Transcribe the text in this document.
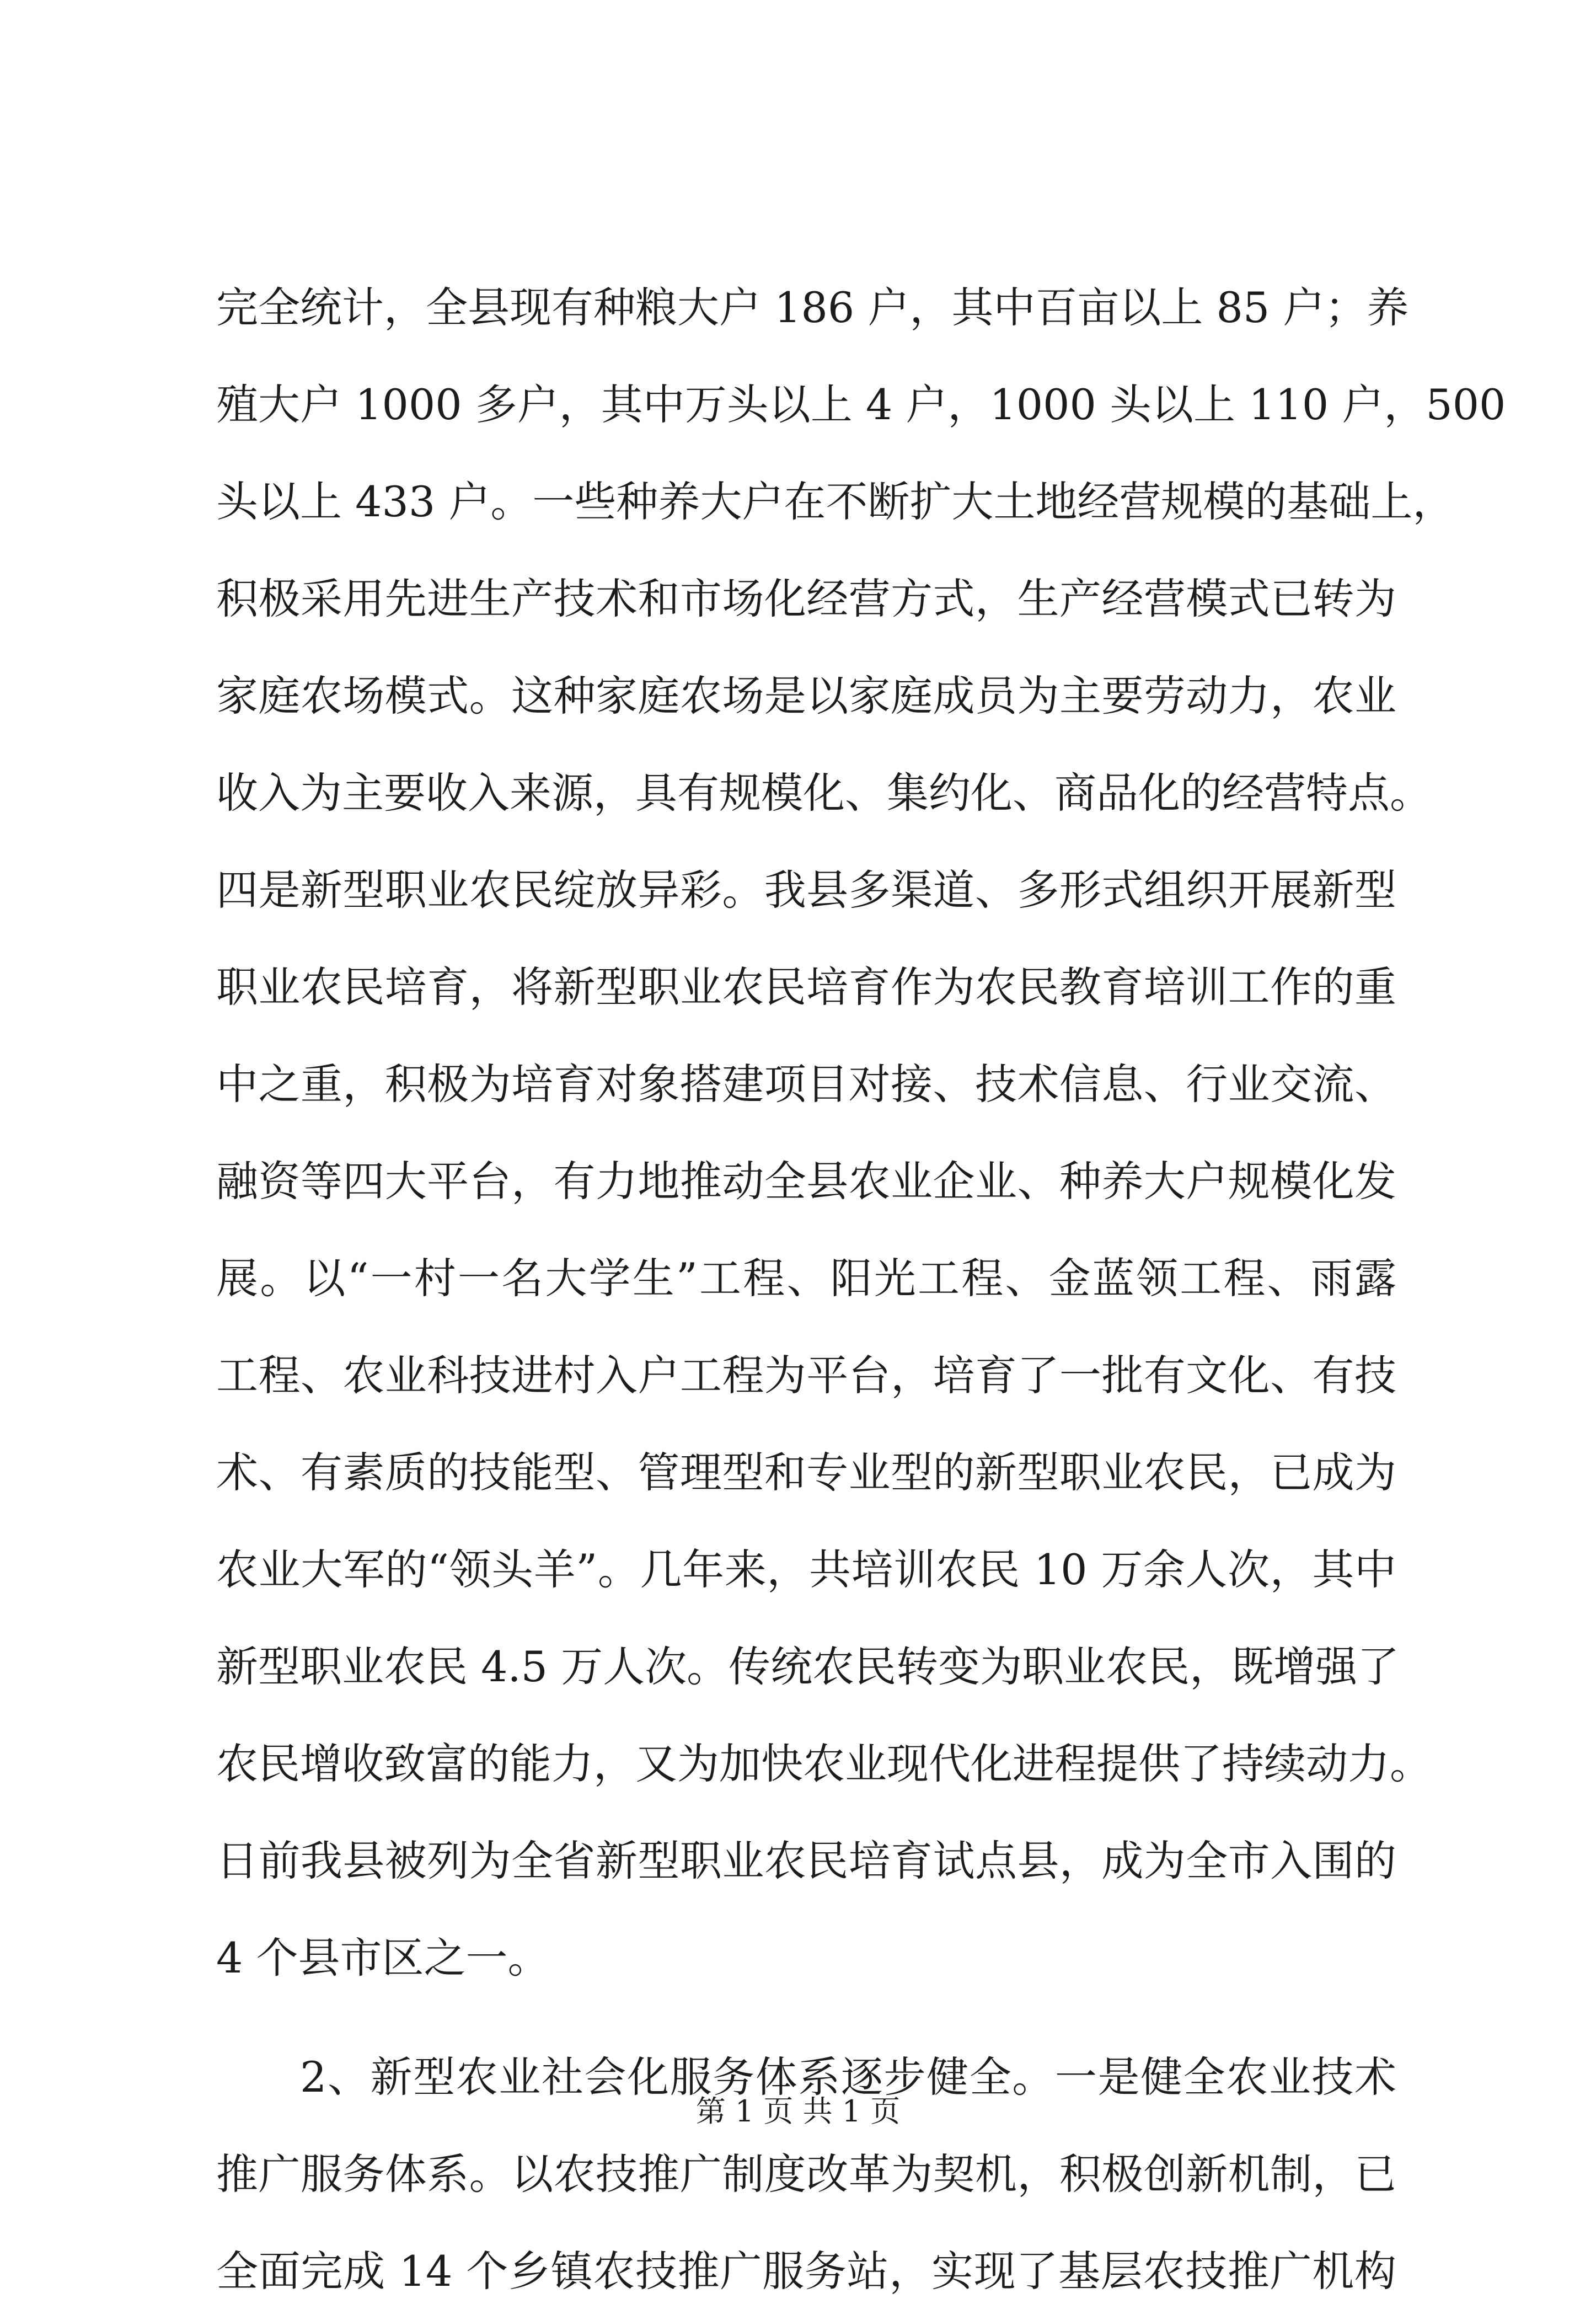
完全统计，全县现有种粮大户 186 户，其中百亩以上 85 户；养
殖大户 1000 多户，其中万头以上 4 户，1000 头以上 110 户，500
头以上 433 户。一些种养大户在不断扩大土地经营规模的基础上，
积极采用先进生产技术和市场化经营方式，生产经营模式已转为
家庭农场模式。这种家庭农场是以家庭成员为主要劳动力，农业
收入为主要收入来源，具有规模化、集约化、商品化的经营特点。
四是新型职业农民绽放异彩。我县多渠道、多形式组织开展新型
职业农民培育，将新型职业农民培育作为农民教育培训工作的重
中之重，积极为培育对象搭建项目对接、技术信息、行业交流、
融资等四大平台，有力地推动全县农业企业、种养大户规模化发
展。以“一村一名大学生”工程、阳光工程、金蓝领工程、雨露
工程、农业科技进村入户工程为平台，培育了一批有文化、有技
术、有素质的技能型、管理型和专业型的新型职业农民，已成为
农业大军的“领头羊”。几年来，共培训农民 10 万余人次，其中
新型职业农民 4.5 万人次。传统农民转变为职业农民，既增强了
农民增收致富的能力，又为加快农业现代化进程提供了持续动力。
日前我县被列为全省新型职业农民培育试点县，成为全市入围的
4 个县市区之一。
2、新型农业社会化服务体系逐步健全。一是健全农业技术
推广服务体系。以农技推广制度改革为契机，积极创新机制，已
全面完成 14 个乡镇农技推广服务站，实现了基层农技推广机构
第 1 页 共 1 页
